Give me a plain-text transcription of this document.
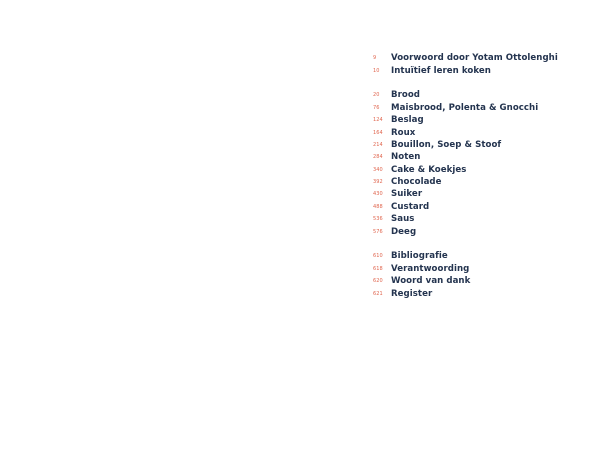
9	Voorwoord door Yotam Ottolenghi
10	Intuïtief leren koken
20	Brood
76	Maisbrood, Polenta & Gnocchi
124 Beslag
164 Roux
214 Bouillon, Soep & Stoof
284 Noten
340 Cake & Koekjes
392 Chocolade
430 Suiker
488 Custard
536 Saus
576 Deeg
610 Bibliografie
618 Verantwoording
620 Woord van dank
621 Register
